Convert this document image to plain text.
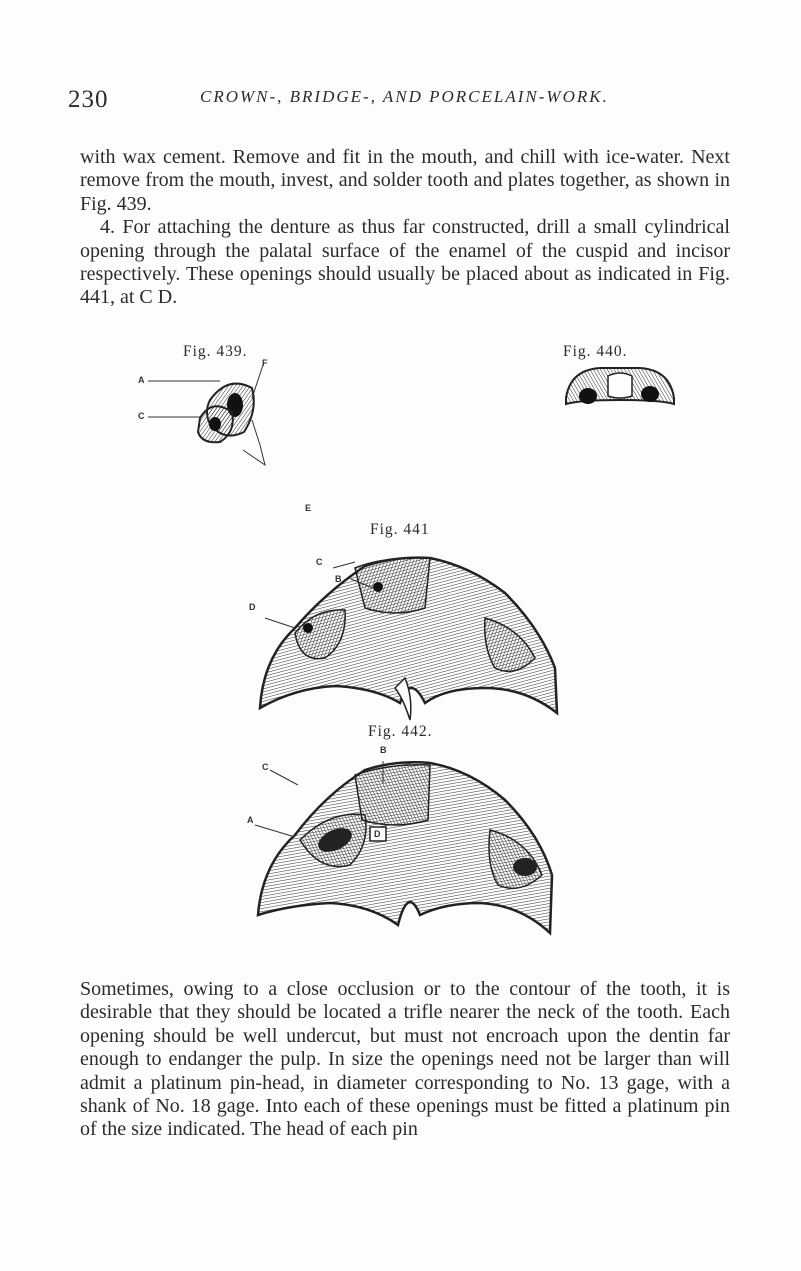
230	CROWN-, BRIDGE-, AND PORCELAIN-WORK.

with wax cement. Remove and fit in the mouth, and chill with ice-water. Next remove from the mouth, invest, and solder tooth and plates together, as shown in Fig. 439.

4. For attaching the denture as thus far constructed, drill a small cylindrical opening through the palatal surface of the enamel of the cuspid and incisor respectively. These openings should usually be placed about as indicated in Fig. 441, at C D.

Fig. 439.
A
C
F
E
Fig. 440.
Fig. 441
C
B
D
Fig. 442.
B
C
A
D

Sometimes, owing to a close occlusion or to the contour of the tooth, it is desirable that they should be located a trifle nearer the neck of the tooth. Each opening should be well undercut, but must not encroach upon the dentin far enough to endanger the pulp. In size the openings need not be larger than will admit a platinum pin-head, in diameter corresponding to No. 13 gage, with a shank of No. 18 gage. Into each of these openings must be fitted a platinum pin of the size indicated. The head of each pin
